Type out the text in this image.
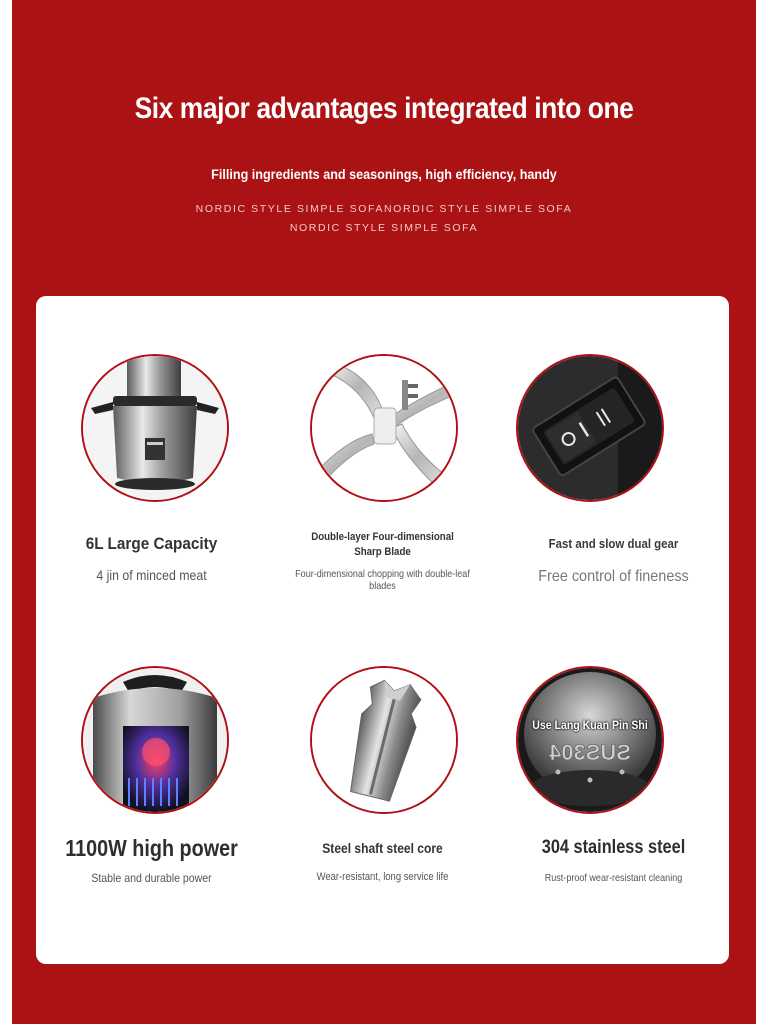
Six major advantages integrated into one
Filling ingredients and seasonings, high efficiency, handy
NORDIC STYLE SIMPLE SOFANORDIC STYLE SIMPLE SOFA
NORDIC STYLE SIMPLE SOFA
6L Large Capacity
4 jin of minced meat
Double-layer Four-dimensional Sharp Blade
Four-dimensional chopping with double-leaf blades
Fast and slow dual gear
Free control of fineness
1100W high power
Stable and durable power
Steel shaft steel core
Wear-resistant, long service life
SUS304
Use Lang Kuan Pin Shi
304 stainless steel
Rust-proof wear-resistant cleaning
